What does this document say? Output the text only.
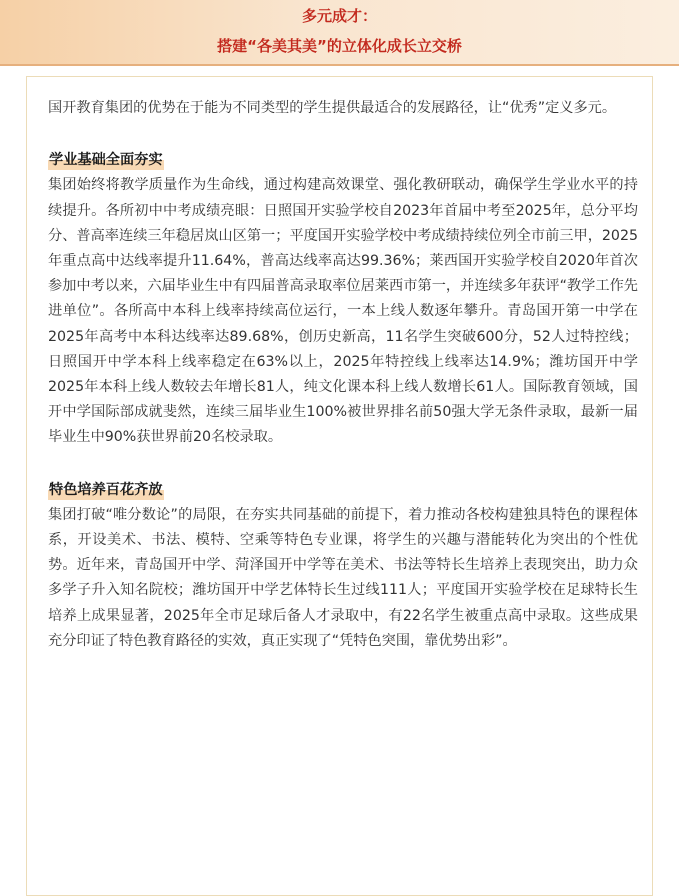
多元成才：
搭建“各美其美”的立体化成长立交桥

国开教育集团的优势在于能为不同类型的学生提供最适合的发展路径，让“优秀”定义多元。

学业基础全面夯实

集团始终将教学质量作为生命线，通过构建高效课堂、强化教研联动，确保学生学业水平的持续提升。各所初中中考成绩亮眼：日照国开实验学校自2023年首届中考至2025年，总分平均分、普高率连续三年稳居岚山区第一；平度国开实验学校中考成绩持续位列全市前三甲，2025年重点高中达线率提升11.64%，普高达线率高达99.36%；莱西国开实验学校自2020年首次参加中考以来，六届毕业生中有四届普高录取率位居莱西市第一，并连续多年获评“教学工作先进单位”。各所高中本科上线率持续高位运行，一本上线人数逐年攀升。青岛国开第一中学在2025年高考中本科达线率达89.68%，创历史新高，11名学生突破600分，52人过特控线；日照国开中学本科上线率稳定在63%以上，2025年特控线上线率达14.9%；潍坊国开中学2025年本科上线人数较去年增长81人，纯文化课本科上线人数增长61人。国际教育领域，国开中学国际部成就斐然，连续三届毕业生100%被世界排名前50强大学无条件录取，最新一届毕业生中90%获世界前20名校录取。

特色培养百花齐放

集团打破“唯分数论”的局限，在夯实共同基础的前提下，着力推动各校构建独具特色的课程体系，开设美术、书法、模特、空乘等特色专业课，将学生的兴趣与潜能转化为突出的个性优势。近年来，青岛国开中学、菏泽国开中学等在美术、书法等特长生培养上表现突出，助力众多学子升入知名院校；潍坊国开中学艺体特长生过线111人；平度国开实验学校在足球特长生培养上成果显著，2025年全市足球后备人才录取中，有22名学生被重点高中录取。这些成果充分印证了特色教育路径的实效，真正实现了“凭特色突围，靠优势出彩”。
